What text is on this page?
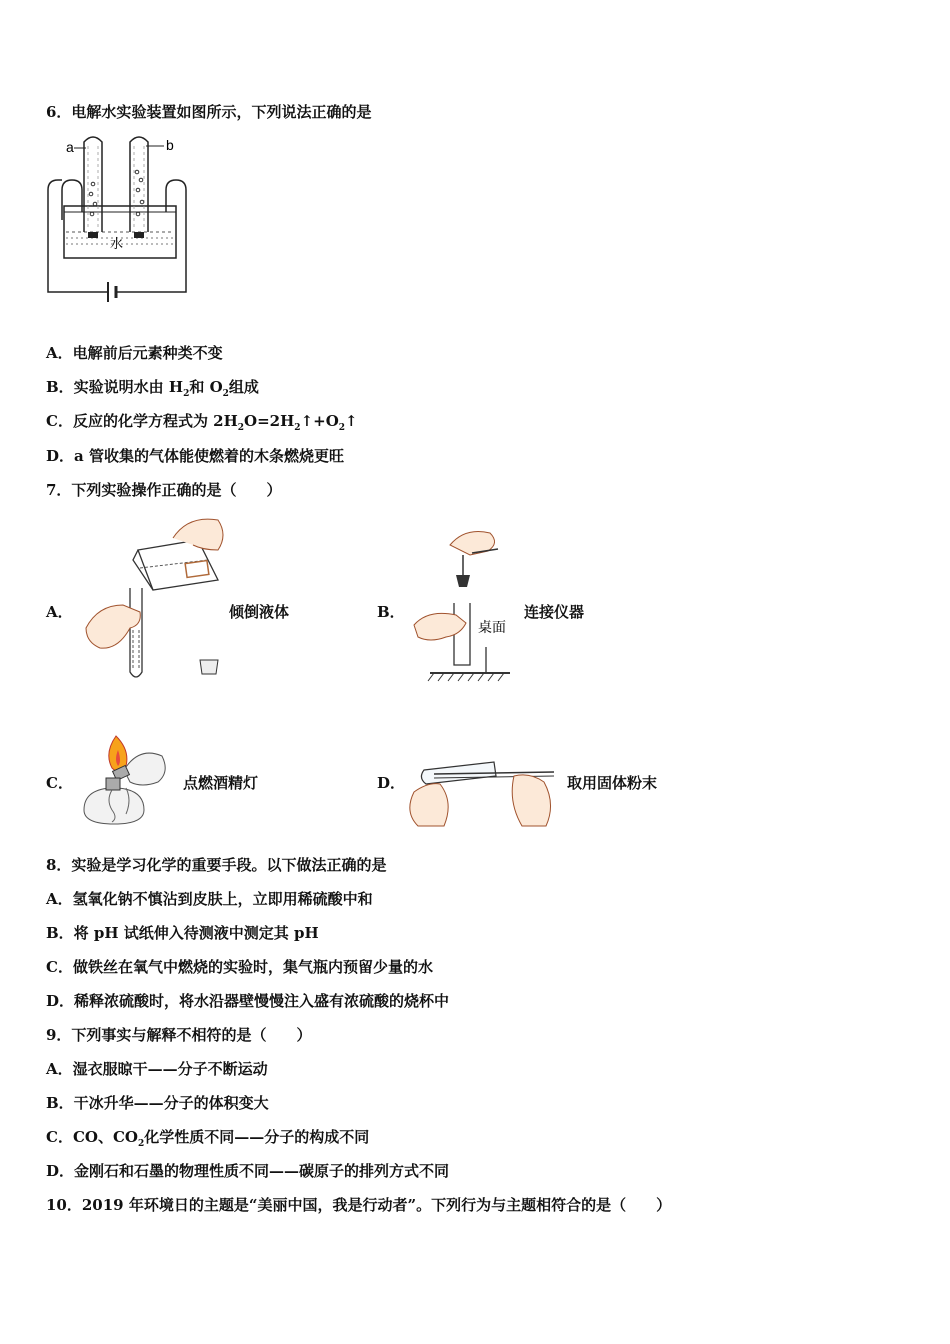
6．电解水实验装置如图所示，下列说法正确的是
a	b
水
A．电解前后元素种类不变
B．实验说明水由 $H_2$和 $O_2$组成
C．反应的化学方程式为 $2H_2O=2H_2↑+O_2↑$
D．a 管收集的气体能使燃着的木条燃烧更旺
7．下列实验操作正确的是（　　）
A．	倾倒液体	B．
桌面
连接仪器
C．	点燃酒精灯	D．	取用固体粉末
8．实验是学习化学的重要手段。以下做法正确的是
A．氢氧化钠不慎沾到皮肤上，立即用稀硫酸中和
B．将 pH 试纸伸入待测液中测定其 pH
C．做铁丝在氧气中燃烧的实验时，集气瓶内预留少量的水
D．稀释浓硫酸时，将水沿器壁慢慢注入盛有浓硫酸的烧杯中
9．下列事实与解释不相符的是（　　）
A．湿衣服晾干——分子不断运动
B．干冰升华——分子的体积变大
C．CO、$CO_2$化学性质不同——分子的构成不同
D．金刚石和石墨的物理性质不同——碳原子的排列方式不同
10．2019 年环境日的主题是“美丽中国，我是行动者”。下列行为与主题相符合的是（　　）
